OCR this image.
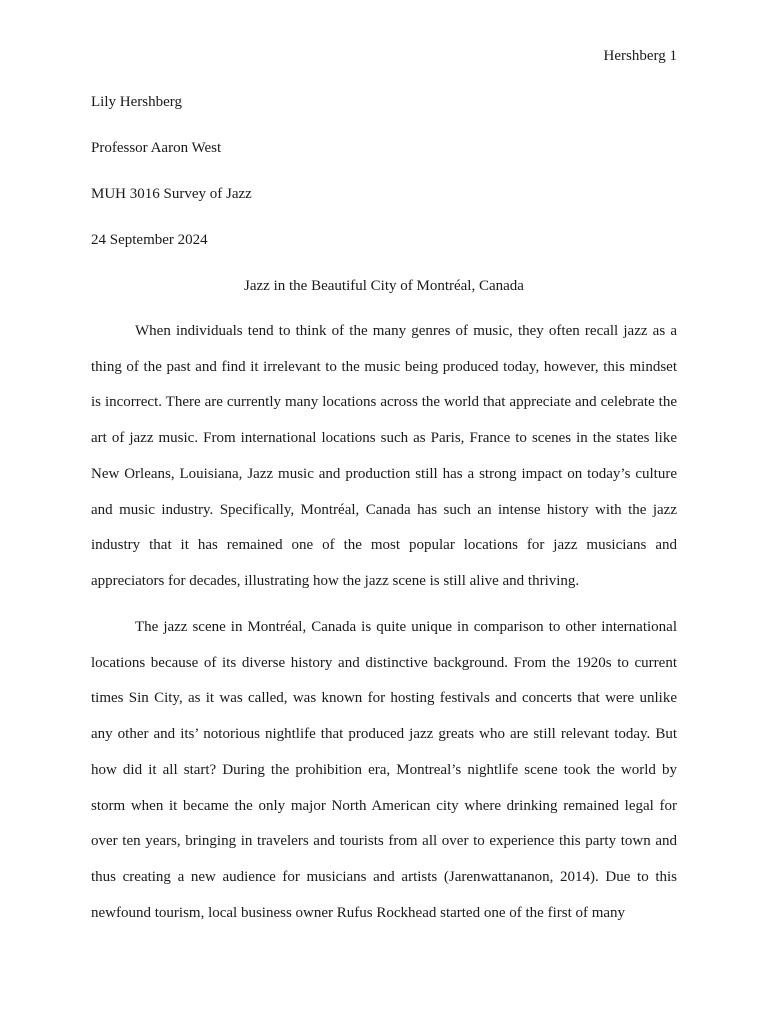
Hershberg 1
Lily Hershberg
Professor Aaron West
MUH 3016 Survey of Jazz
24 September 2024
Jazz in the Beautiful City of Montréal, Canada

When individuals tend to think of the many genres of music, they often recall jazz as a thing of the past and find it irrelevant to the music being produced today, however, this mindset is incorrect. There are currently many locations across the world that appreciate and celebrate the art of jazz music. From international locations such as Paris, France to scenes in the states like New Orleans, Louisiana, Jazz music and production still has a strong impact on today’s culture and music industry. Specifically, Montréal, Canada has such an intense history with the jazz industry that it has remained one of the most popular locations for jazz musicians and appreciators for decades, illustrating how the jazz scene is still alive and thriving.

The jazz scene in Montréal, Canada is quite unique in comparison to other international locations because of its diverse history and distinctive background. From the 1920s to current times Sin City, as it was called, was known for hosting festivals and concerts that were unlike any other and its’ notorious nightlife that produced jazz greats who are still relevant today. But how did it all start? During the prohibition era, Montreal’s nightlife scene took the world by storm when it became the only major North American city where drinking remained legal for over ten years, bringing in travelers and tourists from all over to experience this party town and thus creating a new audience for musicians and artists (Jarenwattananon, 2014). Due to this newfound tourism, local business owner Rufus Rockhead started one of the first of many
